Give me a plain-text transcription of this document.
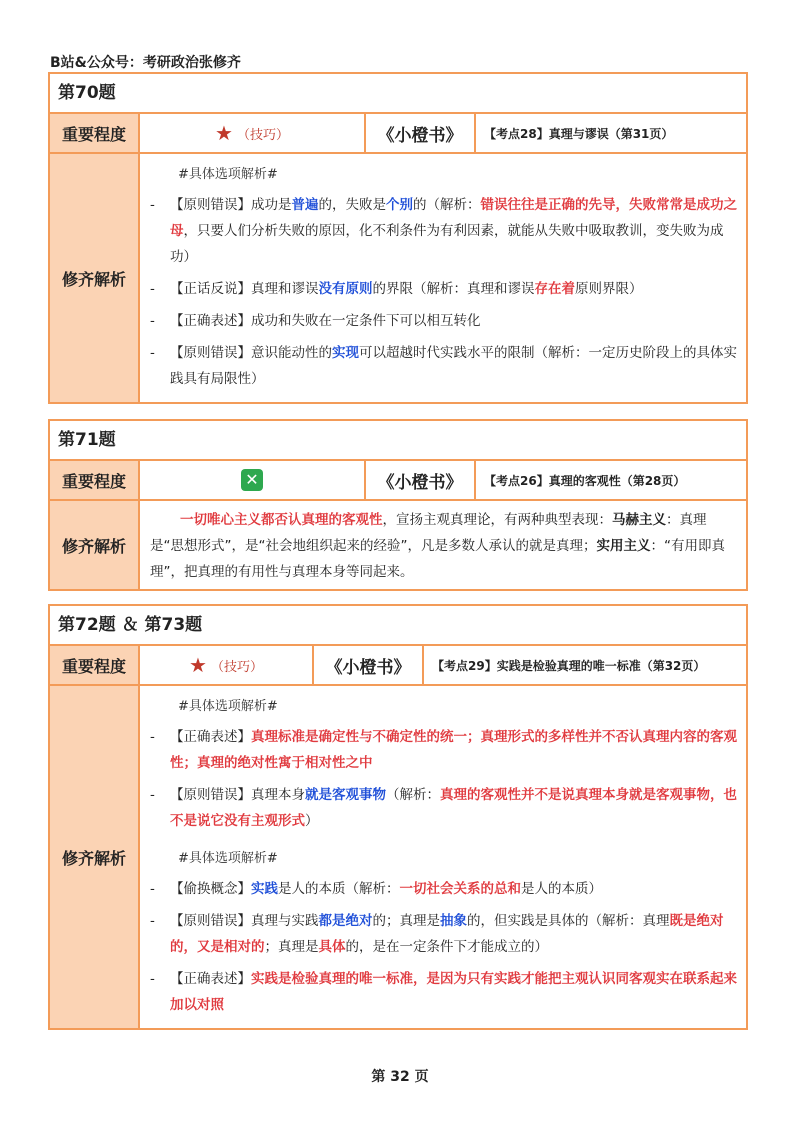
B站&公众号：考研政治张修齐
第70题
重要程度	★ （技巧）	《小橙书》	【考点28】真理与谬误（第31页）
修齐解析
#具体选项解析#
-	【原则错误】成功是普遍的，失败是个别的（解析：错误往往是正确的先导，失败常常是成功之母，只要人们分析失败的原因，化不利条件为有利因素，就能从失败中吸取教训，变失败为成功）
-	【正话反说】真理和谬误没有原则的界限（解析：真理和谬误存在着原则界限）
-	【正确表述】成功和失败在一定条件下可以相互转化
-	【原则错误】意识能动性的实现可以超越时代实践水平的限制（解析：一定历史阶段上的具体实践具有局限性）
第71题
重要程度	✕	《小橙书》	【考点26】真理的客观性（第28页）
修齐解析
一切唯心主义都否认真理的客观性，宣扬主观真理论，有两种典型表现：马赫主义：真理是“思想形式”，是“社会地组织起来的经验”，凡是多数人承认的就是真理；实用主义：“有用即真理”，把真理的有用性与真理本身等同起来。
第72题 ＆ 第73题
重要程度	★ （技巧）	《小橙书》	【考点29】实践是检验真理的唯一标准（第32页）
修齐解析
#具体选项解析#
-	【正确表述】真理标准是确定性与不确定性的统一；真理形式的多样性并不否认真理内容的客观性；真理的绝对性寓于相对性之中
-	【原则错误】真理本身就是客观事物（解析：真理的客观性并不是说真理本身就是客观事物，也不是说它没有主观形式）
#具体选项解析#
-	【偷换概念】实践是人的本质（解析：一切社会关系的总和是人的本质）
-	【原则错误】真理与实践都是绝对的；真理是抽象的，但实践是具体的（解析：真理既是绝对的，又是相对的；真理是具体的，是在一定条件下才能成立的）
-	【正确表述】实践是检验真理的唯一标准，是因为只有实践才能把主观认识同客观实在联系起来加以对照
第 32 页
